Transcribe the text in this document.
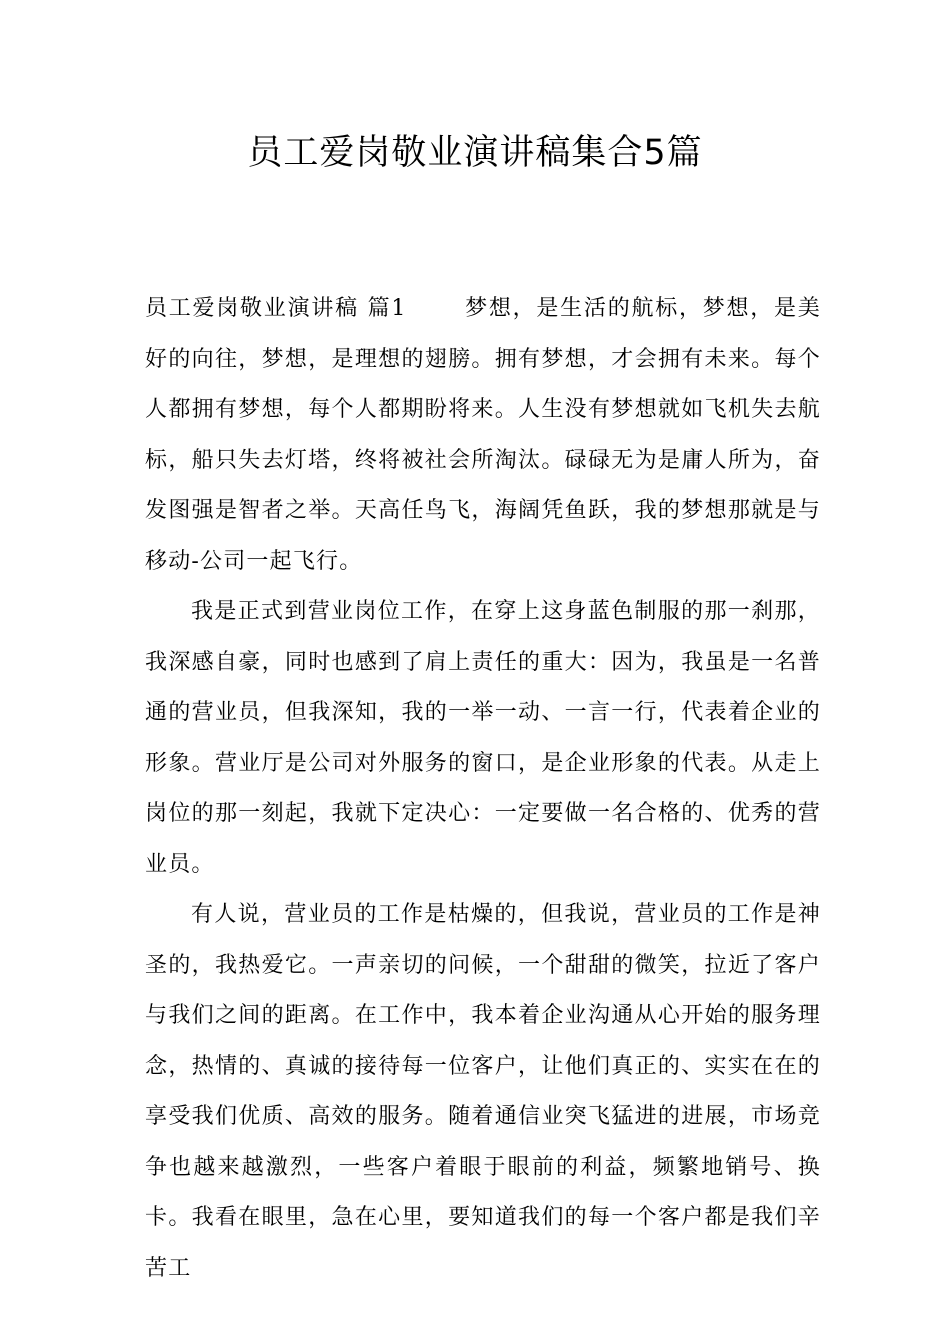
员工爱岗敬业演讲稿集合5篇

员工爱岗敬业演讲稿 篇1	梦想，是生活的航标，梦想，是美好的向往，梦想，是理想的翅膀。拥有梦想，才会拥有未来。每个人都拥有梦想，每个人都期盼将来。人生没有梦想就如飞机失去航标，船只失去灯塔，终将被社会所淘汰。碌碌无为是庸人所为，奋发图强是智者之举。天高任鸟飞，海阔凭鱼跃，我的梦想那就是与移动-公司一起飞行。

我是正式到营业岗位工作，在穿上这身蓝色制服的那一刹那，我深感自豪，同时也感到了肩上责任的重大：因为，我虽是一名普通的营业员，但我深知，我的一举一动、一言一行，代表着企业的形象。营业厅是公司对外服务的窗口，是企业形象的代表。从走上岗位的那一刻起，我就下定决心：一定要做一名合格的、优秀的营业员。

有人说，营业员的工作是枯燥的，但我说，营业员的工作是神圣的，我热爱它。一声亲切的问候，一个甜甜的微笑，拉近了客户与我们之间的距离。在工作中，我本着企业沟通从心开始的服务理念，热情的、真诚的接待每一位客户，让他们真正的、实实在在的享受我们优质、高效的服务。随着通信业突飞猛进的进展，市场竞争也越来越激烈，一些客户着眼于眼前的利益，频繁地销号、换卡。我看在眼里，急在心里，要知道我们的每一个客户都是我们辛苦工
